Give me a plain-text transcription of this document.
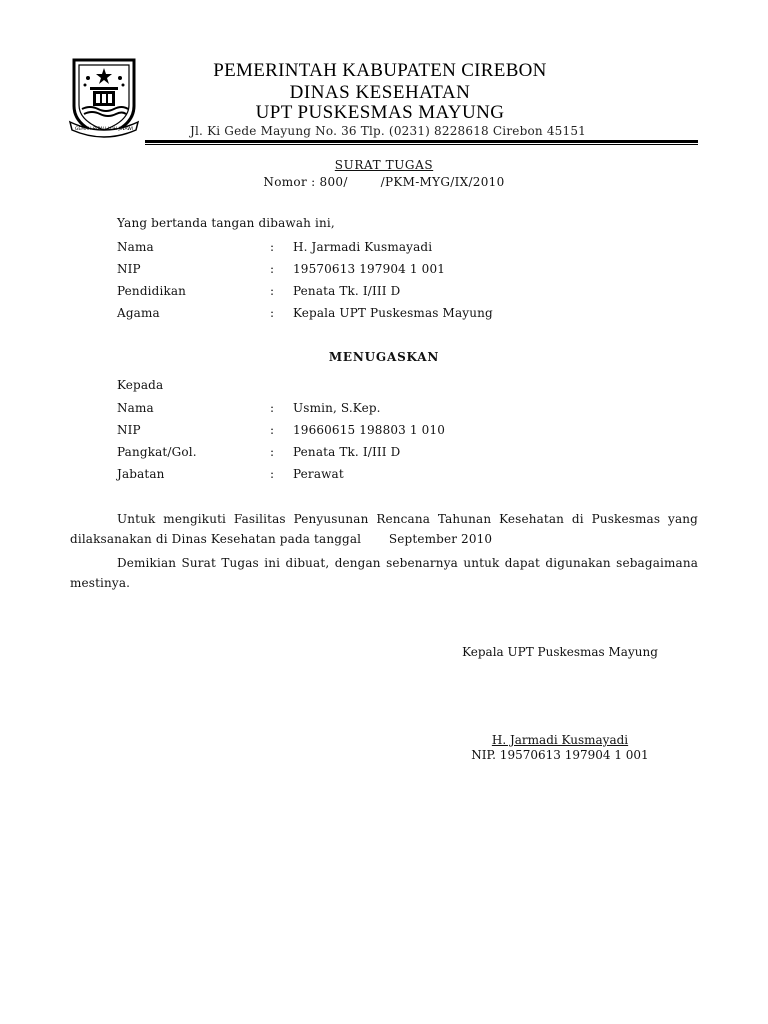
GEMAH RIPAH LOH JINAWI
PEMERINTAH KABUPATEN CIREBON
DINAS KESEHATAN
UPT PUSKESMAS MAYUNG
Jl. Ki Gede Mayung No. 36 Tlp. (0231) 8228618 Cirebon 45151
SURAT TUGAS
Nomor : 800/        /PKM-MYG/IX/2010
Yang bertanda tangan dibawah ini,
Nama	: H. Jarmadi Kusmayadi
NIP	: 19570613 197904 1 001
Pendidikan	: Penata Tk. I/III D
Agama	: Kepala UPT Puskesmas Mayung
MENUGASKAN
Kepada
Nama	: Usmin, S.Kep.
NIP	: 19660615 198803 1 010
Pangkat/Gol.	: Penata Tk. I/III D
Jabatan	: Perawat
Untuk mengikuti Fasilitas Penyusunan Rencana Tahunan Kesehatan di Puskesmas yang
dilaksanakan di Dinas Kesehatan pada tanggal       September 2010
Demikian Surat Tugas ini dibuat, dengan sebenarnya untuk dapat digunakan sebagaimana
mestinya.
Kepala UPT Puskesmas Mayung
H. Jarmadi Kusmayadi
NIP. 19570613 197904 1 001
